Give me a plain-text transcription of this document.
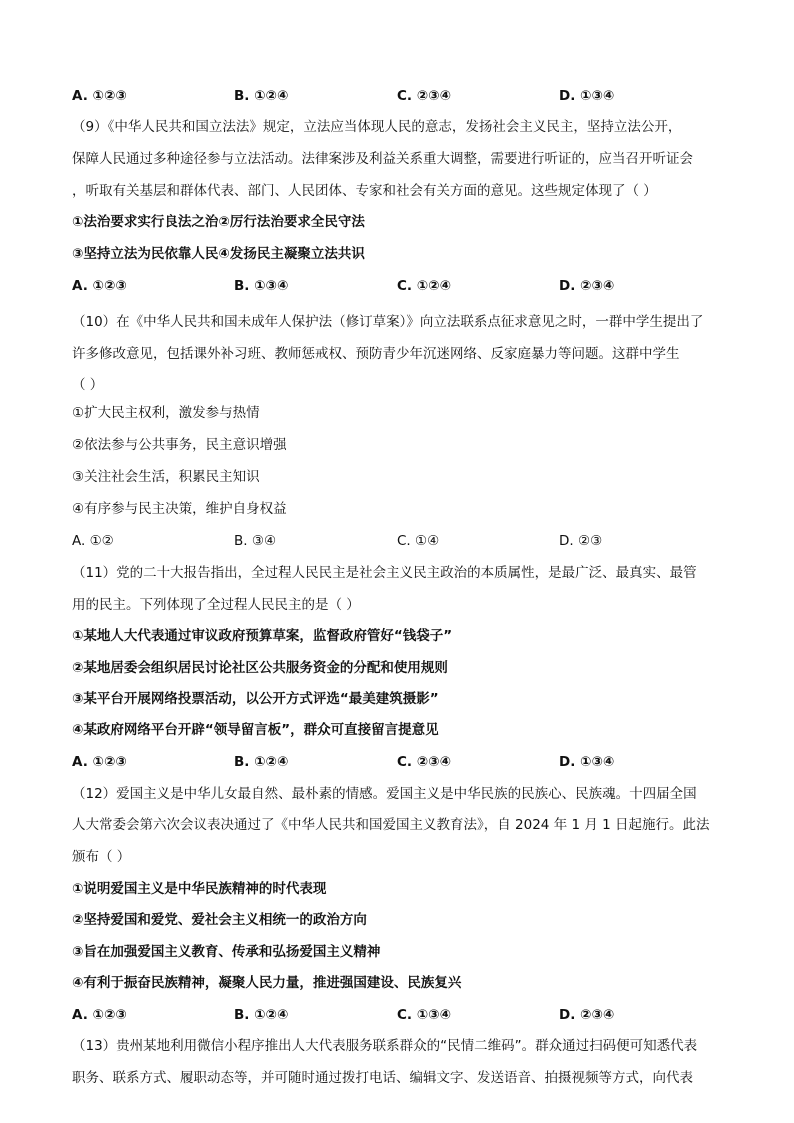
A. ①②③	B. ①②④	C. ②③④	D. ①③④
（9）《中华人民共和国立法法》规定，立法应当体现人民的意志，发扬社会主义民主，坚持立法公开，
保障人民通过多种途径参与立法活动。法律案涉及利益关系重大调整，需要进行听证的，应当召开听证会
，听取有关基层和群体代表、部门、人民团体、专家和社会有关方面的意见。这些规定体现了（ ）
①法治要求实行良法之治②厉行法治要求全民守法
③坚持立法为民依靠人民④发扬民主凝聚立法共识
A. ①②③	B. ①③④	C. ①②④	D. ②③④
（10）在《中华人民共和国未成年人保护法（修订草案）》向立法联系点征求意见之时，一群中学生提出了
许多修改意见，包括课外补习班、教师惩戒权、预防青少年沉迷网络、反家庭暴力等问题。这群中学生
（ ）
①扩大民主权利，激发参与热情
②依法参与公共事务，民主意识增强
③关注社会生活，积累民主知识
④有序参与民主决策，维护自身权益
A. ①②	B. ③④	C. ①④	D. ②③
（11）党的二十大报告指出，全过程人民民主是社会主义民主政治的本质属性，是最广泛、最真实、最管
用的民主。下列体现了全过程人民民主的是（ ）
①某地人大代表通过审议政府预算草案，监督政府管好“钱袋子”
②某地居委会组织居民讨论社区公共服务资金的分配和使用规则
③某平台开展网络投票活动，以公开方式评选“最美建筑摄影”
④某政府网络平台开辟“领导留言板”，群众可直接留言提意见
A. ①②③	B. ①②④	C. ②③④	D. ①③④
（12）爱国主义是中华儿女最自然、最朴素的情感。爱国主义是中华民族的民族心、民族魂。十四届全国
人大常委会第六次会议表决通过了《中华人民共和国爱国主义教育法》，自 2024 年 1 月 1 日起施行。此法
颁布（ ）
①说明爱国主义是中华民族精神的时代表现
②坚持爱国和爱党、爱社会主义相统一的政治方向
③旨在加强爱国主义教育、传承和弘扬爱国主义精神
④有利于振奋民族精神，凝聚人民力量，推进强国建设、民族复兴
A. ①②③	B. ①②④	C. ①③④	D. ②③④
（13）贵州某地利用微信小程序推出人大代表服务联系群众的“民情二维码”。群众通过扫码便可知悉代表
职务、联系方式、履职动态等，并可随时通过拨打电话、编辑文字、发送语音、拍摄视频等方式，向代表
